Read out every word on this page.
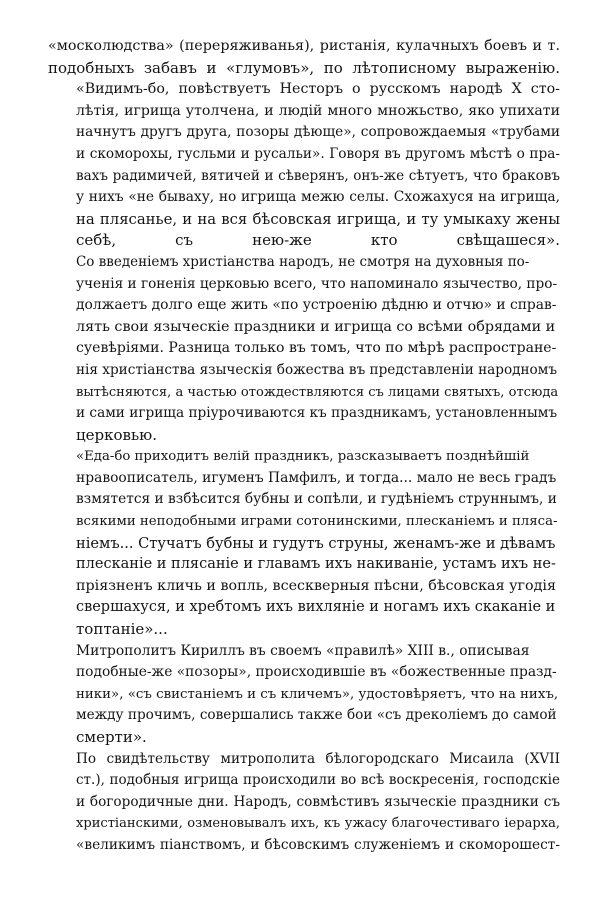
«москолюдства» (переряживанья), ристанія, кулачныхъ боевъ и т.
подобныхъ забавъ и «глумовъ», по лѣтописному выраженію.

«Видимъ-бо, повѣствуетъ Несторъ о русскомъ народѣ X сто-
лѣтія, игрища утолчена, и людій много множьство, яко упихати
начнутъ другъ друга, позоры дѣюще», сопровождаемыя «трубами
и скоморохы, гусльми и русальи». Говоря въ другомъ мѣстѣ о пра-
вахъ радимичей, вятичей и сѣверянъ, онъ-же сѣтуетъ, что браковъ
у нихъ «не бываху, но игрища межю селы. Схожахуся на игрища,
на плясанье, и на вся бѣсовская игрища, и ту умыкаху жены
себѣ, съ нею-же кто свѣщашеся».

Со введеніемъ христіанства народъ, не смотря на духовныя по-
ученія и гоненія церковью всего, что напоминало язычество, про-
должаетъ долго еще жить «по устроенію дѣдню и отчю» и справ-
лять свои языческіе праздники и игрища со всѣми обрядами и
суевѣріями. Разница только въ томъ, что по мѣрѣ распростране-
нія христіанства языческія божества въ представленіи народномъ
вытѣсняются, а частью отождествляются съ лицами святыхъ, отсюда
и сами игрища пріурочиваются къ праздникамъ, установленнымъ
церковью.

«Еда-бо приходитъ велій праздникъ, разсказываетъ позднѣйшій
нравоописатель, игуменъ Памфилъ, и тогда... мало не весь градъ
взмятется и взбѣсится бубны и сопѣли, и гудѣніемъ струннымъ, и
всякими неподобными играми сотонинскими, плесканіемъ и плясa-
ніемъ... Стучатъ бубны и гудутъ струны, женамъ-же и дѣвамъ
плесканіе и плясаніе и главамъ ихъ накиваніе, устамъ ихъ не-
пріязненъ кличь и вопль, всескверныя пѣсни, бѣсовская угодія
свершахуся, и хребтомъ ихъ вихляніе и ногамъ ихъ скаканіе и
топтаніе»...

Митрополитъ Кириллъ въ своемъ «правилѣ» XIII в., описывая
подобные-же «позоры», происходившіе въ «божественные празд-
ники», «съ свистаніемъ и съ кличемъ», удостовѣряетъ, что на нихъ,
между прочимъ, совершались также бои «съ дреколіемъ до самой
смерти».

По свидѣтельству митрополита бѣлогородскаго Мисаила (XVII
ст.), подобныя игрища происходили во всѣ воскресенія, господскіе
и богородичные дни. Народъ, совмѣстивъ языческіе праздники съ
христіанскими, озменовывалъ ихъ, къ ужасу благочестиваго іерарха,
«великимъ піанствомъ, и бѣсовскимъ служеніемъ и скоморошест-
